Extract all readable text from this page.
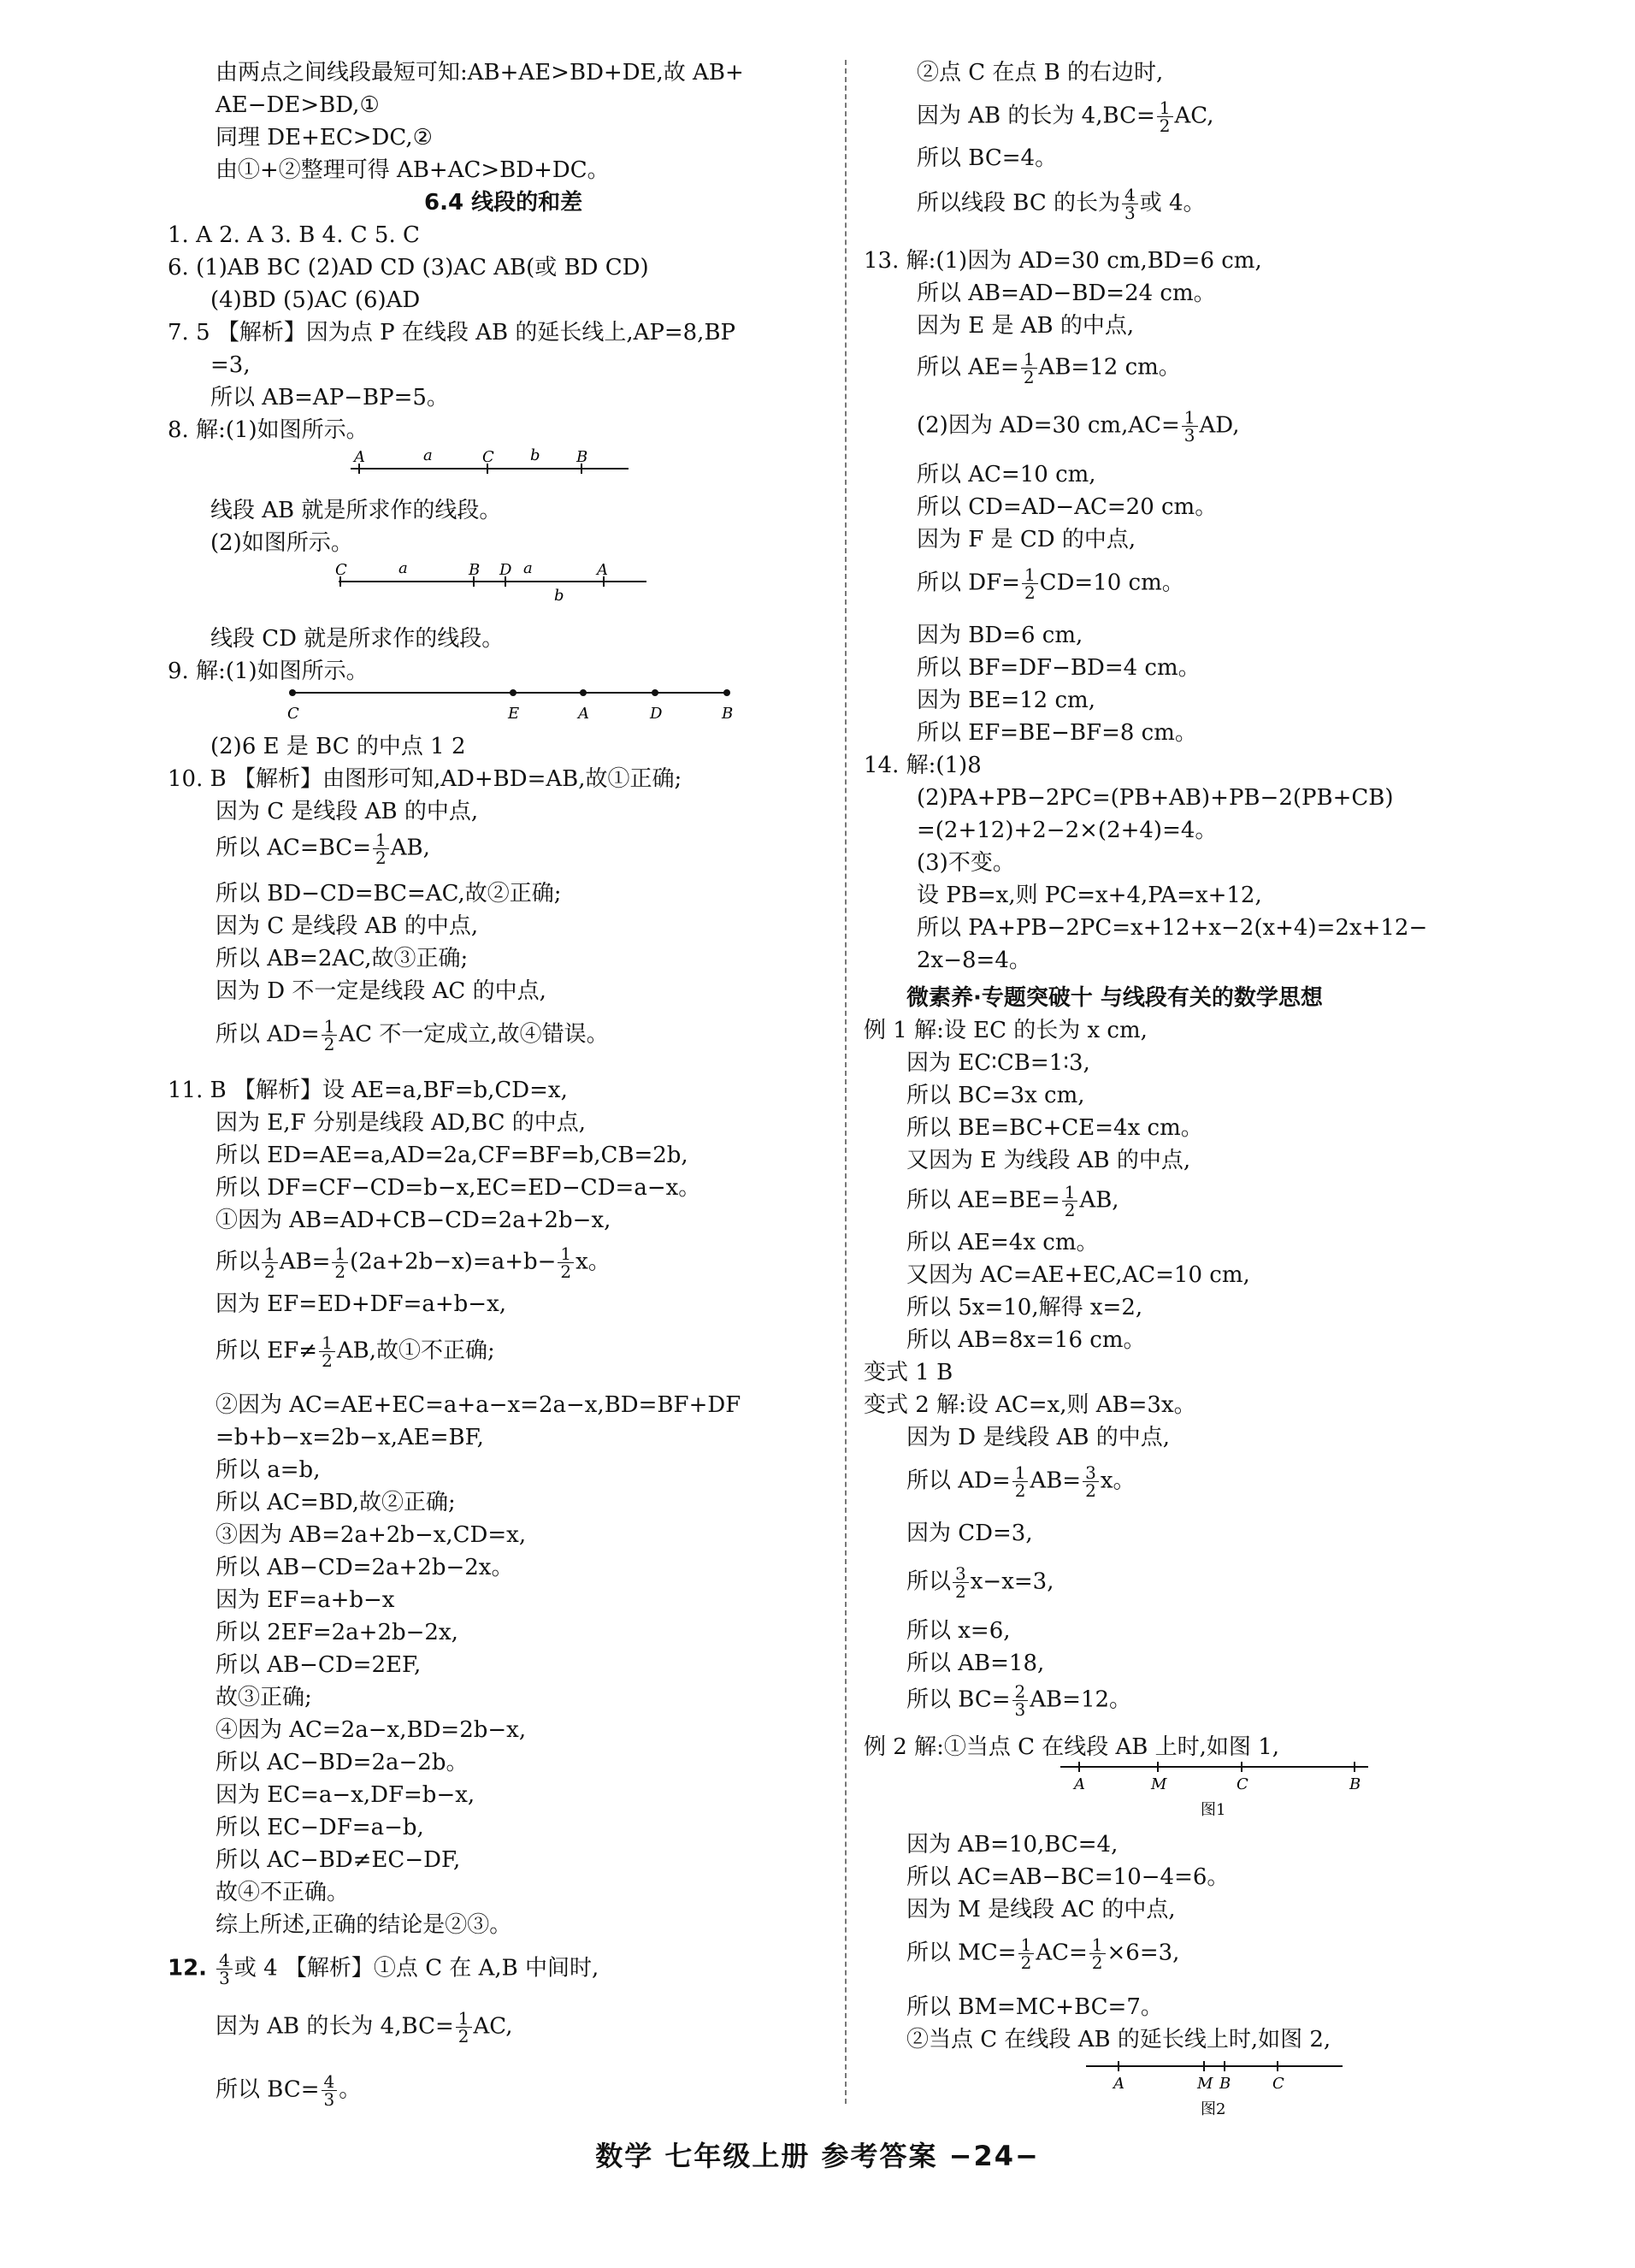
由两点之间线段最短可知:AB+AE>BD+DE,故 AB+
AE−DE>BD,①
同理 DE+EC>DC,②
由①+②整理可得 AB+AC>BD+DC。
6.4 线段的和差
1. A 2. A 3. B 4. C 5. C
6. (1)AB BC (2)AD CD (3)AC AB(或 BD CD)
(4)BD (5)AC (6)AD
7. 5 【解析】因为点 P 在线段 AB 的延长线上,AP=8,BP
=3,
所以 AB=AP−BP=5。
8. 解:(1)如图所示。
线段 AB 就是所求作的线段。
(2)如图所示。
线段 CD 就是所求作的线段。
9. 解:(1)如图所示。
(2)6 E 是 BC 的中点 1 2
10. B 【解析】由图形可知,AD+BD=AB,故①正确;
因为 C 是线段 AB 的中点,
所以 BD−CD=BC=AC,故②正确;
因为 C 是线段 AB 的中点,
所以 AB=2AC,故③正确;
因为 D 不一定是线段 AC 的中点,
11. B 【解析】设 AE=a,BF=b,CD=x,
因为 E,F 分别是线段 AD,BC 的中点,
所以 ED=AE=a,AD=2a,CF=BF=b,CB=2b,
所以 DF=CF−CD=b−x,EC=ED−CD=a−x。
①因为 AB=AD+CB−CD=2a+2b−x,
因为 EF=ED+DF=a+b−x,
②因为 AC=AE+EC=a+a−x=2a−x,BD=BF+DF
=b+b−x=2b−x,AE=BF,
所以 a=b,
所以 AC=BD,故②正确;
③因为 AB=2a+2b−x,CD=x,
所以 AB−CD=2a+2b−2x。
因为 EF=a+b−x
所以 2EF=2a+2b−2x,
所以 AB−CD=2EF,
故③正确;
④因为 AC=2a−x,BD=2b−x,
所以 AC−BD=2a−2b。
因为 EC=a−x,DF=b−x,
所以 EC−DF=a−b,
所以 AC−BD≠EC−DF,
故④不正确。
综上所述,正确的结论是②③。
②点 C 在点 B 的右边时,
所以 BC=4。
13. 解:(1)因为 AD=30 cm,BD=6 cm,
所以 AB=AD−BD=24 cm。
因为 E 是 AB 的中点,
所以 AC=10 cm,
所以 CD=AD−AC=20 cm。
因为 F 是 CD 的中点,
因为 BD=6 cm,
所以 BF=DF−BD=4 cm。
因为 BE=12 cm,
所以 EF=BE−BF=8 cm。
14. 解:(1)8
(2)PA+PB−2PC=(PB+AB)+PB−2(PB+CB)
=(2+12)+2−2×(2+4)=4。
(3)不变。
设 PB=x,则 PC=x+4,PA=x+12,
所以 PA+PB−2PC=x+12+x−2(x+4)=2x+12−
2x−8=4。
微素养·专题突破十 与线段有关的数学思想
例 1 解:设 EC 的长为 x cm,
因为 EC∶CB=1∶3,
所以 BC=3x cm,
所以 BE=BC+CE=4x cm。
又因为 E 为线段 AB 的中点,
所以 AE=4x cm。
又因为 AC=AE+EC,AC=10 cm,
所以 5x=10,解得 x=2,
所以 AB=8x=16 cm。
变式 1 B
变式 2 解:设 AC=x,则 AB=3x。
因为 D 是线段 AB 的中点,
因为 CD=3,
所以 x=6,
所以 AB=18,
例 2 解:①当点 C 在线段 AB 上时,如图 1,
因为 AB=10,BC=4,
所以 AC=AB−BC=10−4=6。
因为 M 是线段 AC 的中点,
所以 BM=MC+BC=7。
②当点 C 在线段 AB 的延长线上时,如图 2,
所以 $AC=BC= \frac{1}{2}$ AB,
所以 $AD= \frac{1}{2}$ AC 不一定成立,故④错误。
所以 $\frac{1}{2} AB= \frac{1}{2} (2a+2b-x)=a+b- \frac{1}{2}$ x。
所以 $EF\ne \frac{1}{2}$ AB,故①不正确;
12. $\frac{4}{3}$ 或 4 【解析】①点 C 在 A,B 中间时,
因为 AB 的长为 $4,BC= \frac{1}{2}$ AC,
所以 $BC= \frac{4}{3}$ 。
因为 AB 的长为 $4,BC= \frac{1}{2}$ AC,
所以线段 BC 的长为 $\frac{4}{3}$ 或 4。
所以 $AE= \frac{1}{2} AB=12$ cm。
(2)因为 AD=30 $cm,AC= \frac{1}{3}$ AD,
所以 $DF= \frac{1}{2} CD=10$ cm。
所以 $AE=BE= \frac{1}{2}$ AB,
所以 $AD= \frac{1}{2} AB= \frac{3}{2}$ x。
所以 $\frac{3}{2} x-x=3$,
所以 $BC= \frac{2}{3} AB=12$。
所以 $MC= \frac{1}{2} AC= \frac{1}{2} \times 6=3$,
A	a	C b B
C	a	B D a	A
b
C	E	A	D	B
A	M	C	B
图1
A	M B	C
图2
数学 七年级上册 参考答案 −24−
